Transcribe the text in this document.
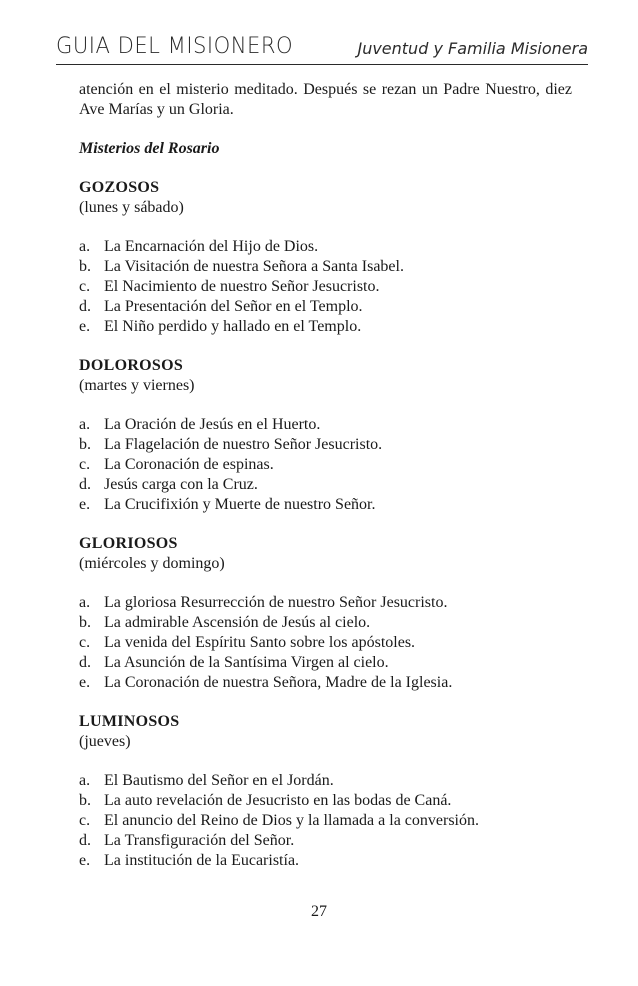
GUIA DEL MISIONERO	Juventud y Familia Misionera

atención en el misterio meditado. Después se rezan un Padre Nuestro, diez Ave Marías y un Gloria.

Misterios del Rosario

GOZOSOS

(lunes y sábado)

a. La Encarnación del Hijo de Dios.
b. La Visitación de nuestra Señora a Santa Isabel.
c. El Nacimiento de nuestro Señor Jesucristo.
d. La Presentación del Señor en el Templo.
e. El Niño perdido y hallado en el Templo.

DOLOROSOS

(martes y viernes)

a. La Oración de Jesús en el Huerto.
b. La Flagelación de nuestro Señor Jesucristo.
c. La Coronación de espinas.
d. Jesús carga con la Cruz.
e. La Crucifixión y Muerte de nuestro Señor.

GLORIOSOS

(miércoles y domingo)

a. La gloriosa Resurrección de nuestro Señor Jesucristo.
b. La admirable Ascensión de Jesús al cielo.
c. La venida del Espíritu Santo sobre los apóstoles.
d. La Asunción de la Santísima Virgen al cielo.
e. La Coronación de nuestra Señora, Madre de la Iglesia.

LUMINOSOS

(jueves)

a. El Bautismo del Señor en el Jordán.
b. La auto revelación de Jesucristo en las bodas de Caná.
c. El anuncio del Reino de Dios y la llamada a la conversión.
d. La Transfiguración del Señor.
e. La institución de la Eucaristía.
27
